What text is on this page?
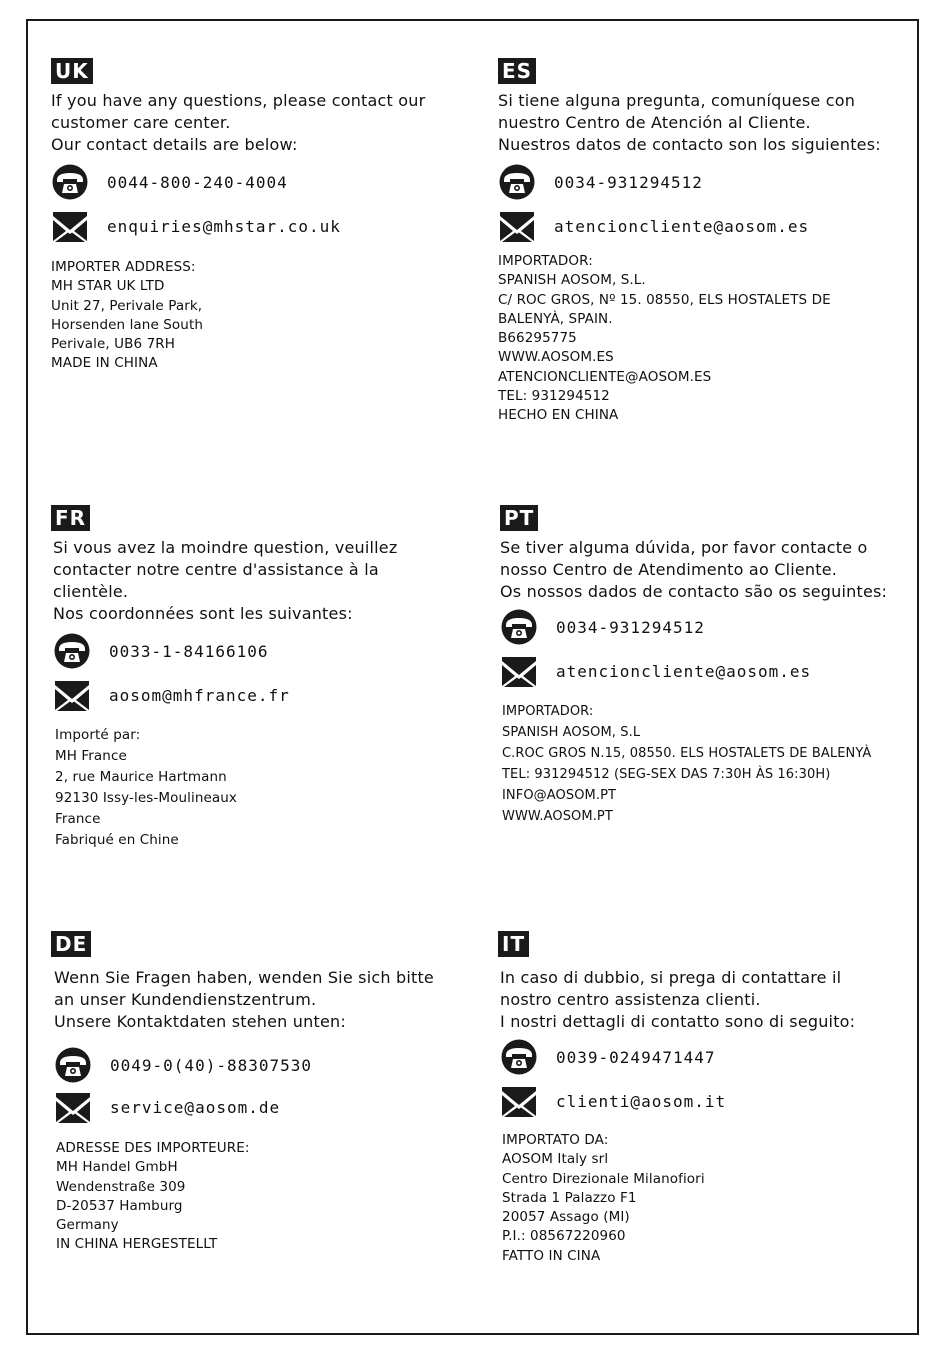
UK
If you have any questions, please contact our
customer care center.
Our contact details are below:
0044-800-240-4004
enquiries@mhstar.co.uk
IMPORTER ADDRESS:
MH STAR UK LTD
Unit 27, Perivale Park,
Horsenden lane South
Perivale, UB6 7RH
MADE IN CHINA
ES
Si tiene alguna pregunta, comuníquese con
nuestro Centro de Atención al Cliente.
Nuestros datos de contacto son los siguientes:
0034-931294512
atencioncliente@aosom.es
IMPORTADOR:
SPANISH AOSOM, S.L.
C/ ROC GROS, Nº 15. 08550, ELS HOSTALETS DE
BALENYÀ, SPAIN.
B66295775
WWW.AOSOM.ES
ATENCIONCLIENTE@AOSOM.ES
TEL: 931294512
HECHO EN CHINA
FR
Si vous avez la moindre question, veuillez
contacter notre centre d'assistance à la
clientèle.
Nos coordonnées sont les suivantes:
0033-1-84166106
aosom@mhfrance.fr
Importé par:
MH France
2, rue Maurice Hartmann
92130 Issy-les-Moulineaux
France
Fabriqué en Chine
PT
Se tiver alguma dúvida, por favor contacte o
nosso Centro de Atendimento ao Cliente.
Os nossos dados de contacto são os seguintes:
0034-931294512
atencioncliente@aosom.es
IMPORTADOR:
SPANISH AOSOM, S.L
C.ROC GROS N.15, 08550. ELS HOSTALETS DE BALENYÀ
TEL: 931294512 (SEG-SEX DAS 7:30H ÀS 16:30H)
INFO@AOSOM.PT
WWW.AOSOM.PT
DE
Wenn Sie Fragen haben, wenden Sie sich bitte
an unser Kundendienstzentrum.
Unsere Kontaktdaten stehen unten:
0049-0(40)-88307530
service@aosom.de
ADRESSE DES IMPORTEURE:
MH Handel GmbH
Wendenstraße 309
D-20537 Hamburg
Germany
IN CHINA HERGESTELLT
IT
In caso di dubbio, si prega di contattare il
nostro centro assistenza clienti.
I nostri dettagli di contatto sono di seguito:
0039-0249471447
clienti@aosom.it
IMPORTATO DA:
AOSOM Italy srl
Centro Direzionale Milanofiori
Strada 1 Palazzo F1
20057 Assago (MI)
P.I.: 08567220960
FATTO IN CINA
